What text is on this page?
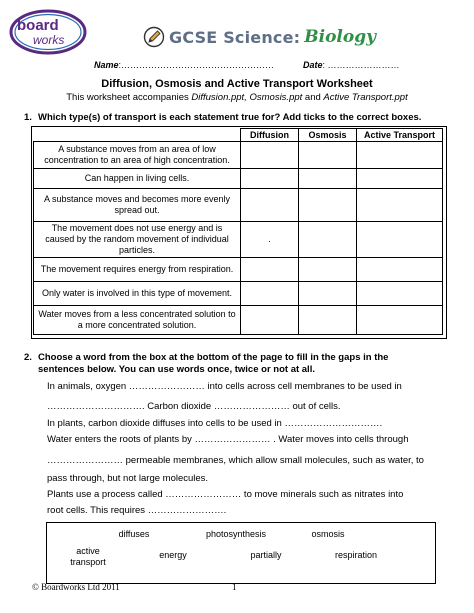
board
works	GCSE Science: Biology
Name:……………………………………………	Date: ……………………
Diffusion, Osmosis and Active Transport Worksheet
This worksheet accompanies Diffusion.ppt, Osmosis.ppt and Active Transport.ppt
1. Which type(s) of transport is each statement true for? Add ticks to the correct boxes.
	Diffusion	Osmosis	Active Transport
A substance moves from an area of low concentration to an area of high concentration.			
Can happen in living cells.			
A substance moves and becomes more evenly spread out.			
The movement does not use energy and is caused by the random movement of individual particles.	.		
The movement requires energy from respiration.			
Only water is involved in this type of movement.			
Water moves from a less concentrated solution to a more concentrated solution.			
2. Choose a word from the box at the bottom of the page to fill in the gaps in the
sentences below. You can use words once, twice or not at all.
In animals, oxygen …………………… into cells across cell membranes to be used in
…………………………. Carbon dioxide …………………… out of cells.
In plants, carbon dioxide diffuses into cells to be used in ………………………….
Water enters the roots of plants by …………………… . Water moves into cells through
…………………… permeable membranes, which allow small molecules, such as water, to
pass through, but not large molecules.
Plants use a process called …………………… to move minerals such as nitrates into
root cells. This requires …………………….
diffuses	photosynthesis	osmosis
active
transport
energy	partially	respiration
© Boardworks Ltd 2011	1
